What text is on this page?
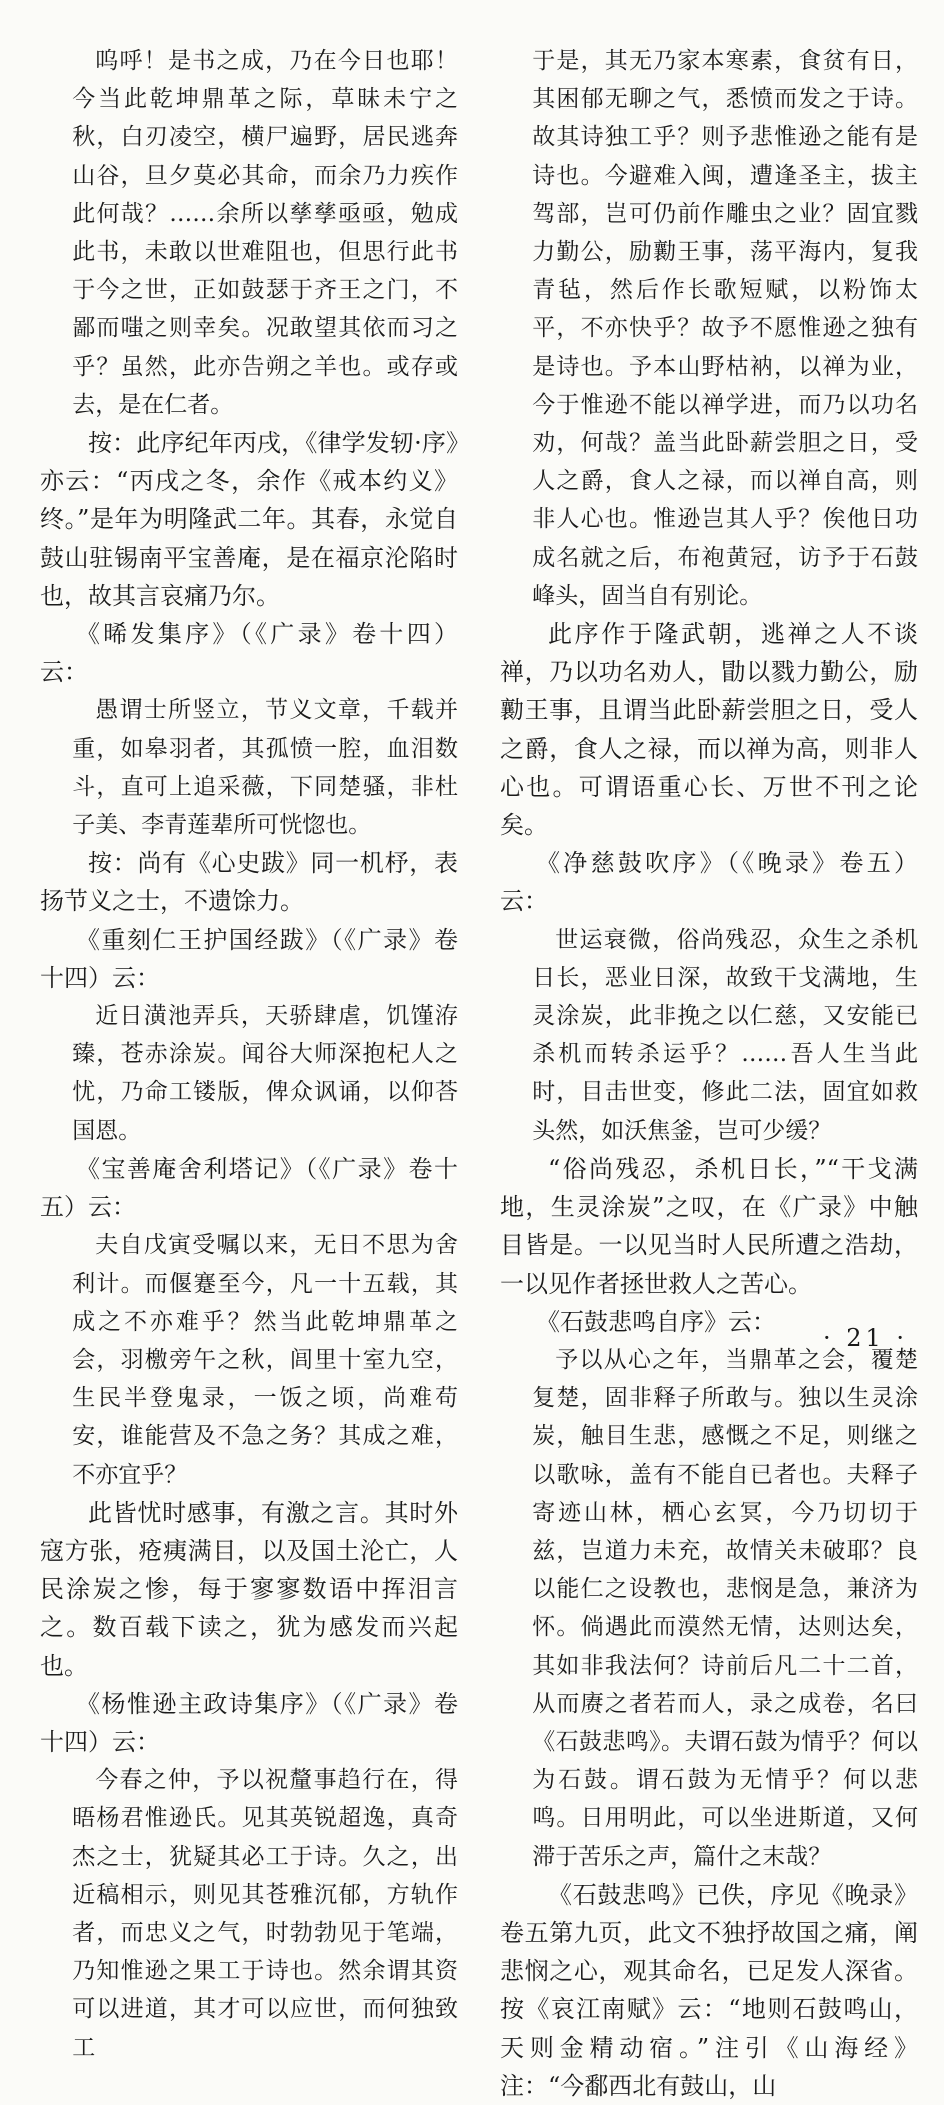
呜呼！是书之成，乃在今日也耶！今当此乾坤鼎革之际，草昧未宁之秋，白刃凌空，横尸遍野，居民逃奔山谷，旦夕莫必其命，而余乃力疾作此何哉？……余所以孳孳亟亟，勉成此书，未敢以世难阻也，但思行此书于今之世，正如鼓瑟于齐王之门，不鄙而嗤之则幸矣。况敢望其依而习之乎？虽然，此亦告朔之羊也。或存或去，是在仁者。

按：此序纪年丙戌，《律学发轫·序》亦云：“丙戌之冬，余作《戒本约义》终。”是年为明隆武二年。其春，永觉自鼓山驻锡南平宝善庵，是在福京沦陷时也，故其言哀痛乃尔。

《晞发集序》（《广录》卷十四）云：

愚谓士所竖立，节义文章，千载并重，如皋羽者，其孤愤一腔，血泪数斗，直可上追采薇，下同楚骚，非杜子美、李青莲辈所可恍惚也。

按：尚有《心史跋》同一机杼，表扬节义之士，不遗馀力。

《重刻仁王护国经跋》（《广录》卷十四）云：

近日潢池弄兵，天骄肆虐，饥馑洊臻，苍赤涂炭。闻谷大师深抱杞人之忧，乃命工镂版，俾众讽诵，以仰荅国恩。

《宝善庵舍利塔记》（《广录》卷十五）云：

夫自戊寅受嘱以来，无日不思为舍利计。而偃蹇至今，凡一十五载，其成之不亦难乎？然当此乾坤鼎革之会，羽檄旁午之秋，闾里十室九空，生民半登鬼录，一饭之顷，尚难苟安，谁能营及不急之务？其成之难，不亦宜乎？

此皆忧时感事，有激之言。其时外寇方张，疮痍满目，以及国土沦亡，人民涂炭之惨，每于寥寥数语中挥泪言之。数百载下读之，犹为感发而兴起也。

《杨惟逊主政诗集序》（《广录》卷十四）云：

今春之仲，予以祝釐事趋行在，得晤杨君惟逊氏。见其英锐超逸，真奇杰之士，犹疑其必工于诗。久之，出近稿相示，则见其苍雅沉郁，方轨作者，而忠义之气，时勃勃见于笔端，乃知惟逊之果工于诗也。然余谓其资可以进道，其才可以应世，而何独致工

于是，其无乃家本寒素，食贫有日，其困郁无聊之气，悉愤而发之于诗。故其诗独工乎？则予悲惟逊之能有是诗也。今避难入闽，遭逢圣主，拔主驾部，岂可仍前作雕虫之业？固宜戮力勤公，励勷王事，荡平海内，复我青毡，然后作长歌短赋，以粉饰太平，不亦快乎？故予不愿惟逊之独有是诗也。予本山野枯衲，以禅为业，今于惟逊不能以禅学进，而乃以功名劝，何哉？盖当此卧薪尝胆之日，受人之爵，食人之禄，而以禅自高，则非人心也。惟逊岂其人乎？俟他日功成名就之后，布袍黄冠，访予于石鼓峰头，固当自有别论。

此序作于隆武朝，逃禅之人不谈禅，乃以功名劝人，勖以戮力勤公，励勷王事，且谓当此卧薪尝胆之日，受人之爵，食人之禄，而以禅为高，则非人心也。可谓语重心长、万世不刊之论矣。

《净慈鼓吹序》（《晚录》卷五）云：

世运衰微，俗尚残忍，众生之杀机日长，恶业日深，故致干戈满地，生灵涂炭，此非挽之以仁慈，又安能已杀机而转杀运乎？……吾人生当此时，目击世变，修此二法，固宜如救头然，如沃焦釜，岂可少缓？

“俗尚残忍，杀机日长，”“干戈满地，生灵涂炭”之叹，在《广录》中触目皆是。一以见当时人民所遭之浩劫，一以见作者拯世救人之苦心。

《石鼓悲鸣自序》云：

予以从心之年，当鼎革之会，覆楚复楚，固非释子所敢与。独以生灵涂炭，触目生悲，感慨之不足，则继之以歌咏，盖有不能自已者也。夫释子寄迹山林，栖心玄冥，今乃切切于兹，岂道力未充，故情关未破耶？良以能仁之设教也，悲悯是急，兼济为怀。倘遇此而漠然无情，达则达矣，其如非我法何？诗前后凡二十二首，从而赓之者若而人，录之成卷，名曰《石鼓悲鸣》。夫谓石鼓为情乎？何以为石鼓。谓石鼓为无情乎？何以悲鸣。日用明此，可以坐进斯道，又何滞于苦乐之声，篇什之末哉？

《石鼓悲鸣》已佚，序见《晚录》卷五第九页，此文不独抒故国之痛，阐悲悯之心，观其命名，已足发人深省。按《哀江南赋》云：“地则石鼓鸣山，天则金精动宿。”注引《山海经》注：“今鄱西北有鼓山，山

· 21 ·
